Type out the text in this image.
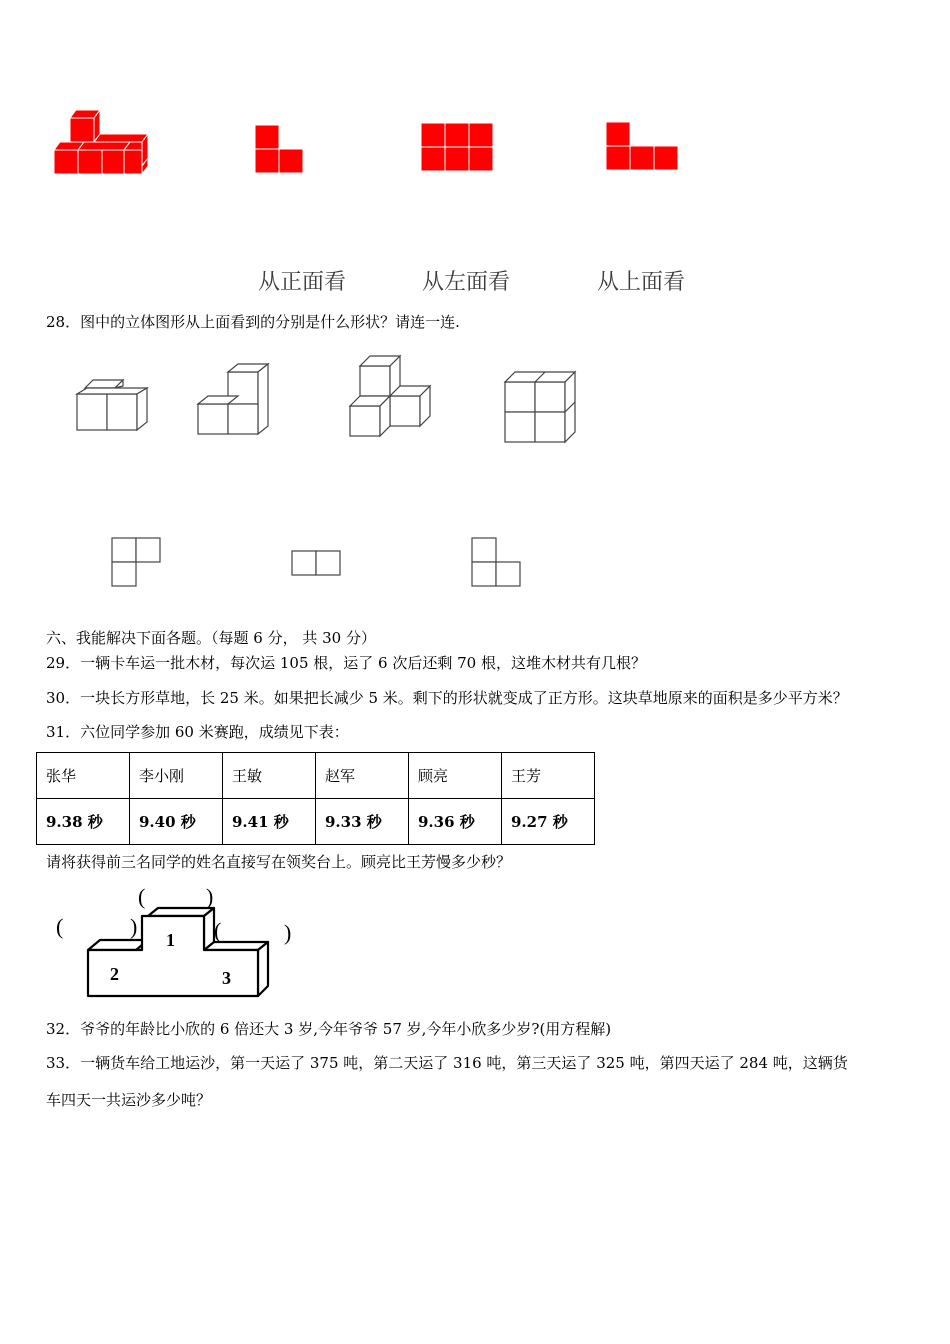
从正面看	从左面看	从上面看
28．图中的立体图形从上面看到的分别是什么形状？请连一连.
六、我能解决下面各题。（每题 6 分， 共 30 分）
29．一辆卡车运一批木材，每次运 105 根，运了 6 次后还剩 70 根，这堆木材共有几根？
30．一块长方形草地，长 25 米。如果把长减少 5 米。剩下的形状就变成了正方形。这块草地原来的面积是多少平方米？
31．六位同学参加 60 米赛跑，成绩见下表：
张华	李小刚	王敏	赵军	顾亮	王芳
9.38 秒	9.40 秒	9.41 秒	9.33 秒	9.36 秒	9.27 秒
请将获得前三名同学的姓名直接写在领奖台上。顾亮比王芳慢多少秒？
1
2	3
(	)
(	)	(	)
32．爷爷的年龄比小欣的 6 倍还大 3 岁,今年爷爷 57 岁,今年小欣多少岁?(用方程解)
33．一辆货车给工地运沙，第一天运了 375 吨，第二天运了 316 吨，第三天运了 325 吨，第四天运了 284 吨，这辆货
车四天一共运沙多少吨？
